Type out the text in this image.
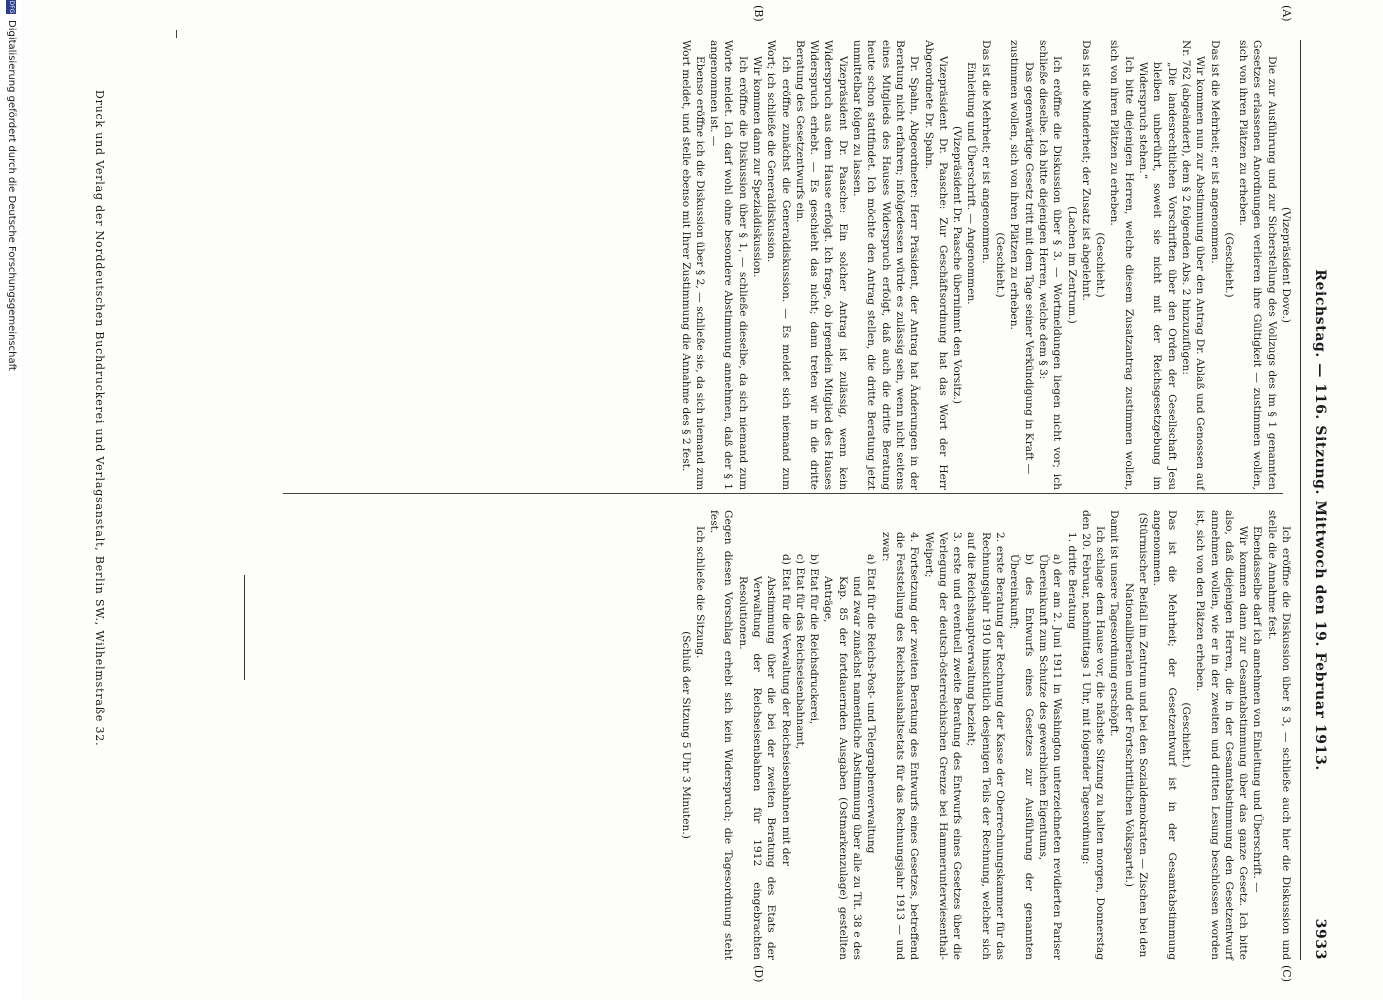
Reichstag. — 116. Sitzung. Mittwoch den 19. Februar 1913.
3933
(A)
(B)
(C)
(D)

(Vizepräsident Dove.)

Die zur Ausführung und zur Sicherstellung des Vollzugs des im § 1 genannten Gesetzes erlassenen Anordnungen verlieren ihre Gültigkeit — zustimmen wollen, sich von ihren Plätzen zu erheben.

(Geschieht.)

Das ist die Mehrheit; er ist angenommen.

Wir kommen nun zur Abstimmung über den Antrag Dr. Ablaß und Genossen auf Nr. 762 (abgeändert), dem § 2 folgenden Abs. 2 hinzuzufügen:

„Die landesrechtlichen Vorschriften über den Orden der Gesellschaft Jesu bleiben unberührt, soweit sie nicht mit der Reichsgesetzgebung im Widerspruch stehen.“

Ich bitte diejenigen Herren, welche diesem Zusatzantrag zustimmen wollen, sich von ihren Plätzen zu erheben.

(Geschieht.)

Das ist die Minderheit; der Zusatz ist abgelehnt.

(Lachen im Zentrum.)

Ich eröffne die Diskussion über § 3. — Wortmeldungen liegen nicht vor; ich schließe dieselbe. Ich bitte diejenigen Herren, welche dem § 3:

Das gegenwärtige Gesetz tritt mit dem Tage seiner Verkündigung in Kraft —

zustimmen wollen, sich von ihren Plätzen zu erheben.

(Geschieht.)

Das ist die Mehrheit; er ist angenommen.

Einleitung und Überschrift. — Angenommen.

(Vizepräsident Dr. Paasche übernimmt den Vorsitz.)

Vizepräsident Dr. Paasche: Zur Geschäftsordnung hat das Wort der Herr Abgeordnete Dr. Spahn.

Dr. Spahn, Abgeordneter: Herr Präsident, der Antrag hat Änderungen in der Beratung nicht erfahren; infolgedessen würde es zulässig sein, wenn nicht seitens eines Mitglieds des Hauses Widerspruch erfolgt, daß auch die dritte Beratung heute schon stattfindet. Ich möchte den Antrag stellen, die dritte Beratung jetzt unmittelbar folgen zu lassen.

Vizepräsident Dr. Paasche: Ein solcher Antrag ist zulässig, wenn kein Widerspruch aus dem Hause erfolgt. Ich frage, ob irgendein Mitglied des Hauses Widerspruch erhebt. — Es geschieht das nicht; dann treten wir in die dritte Beratung des Gesetzentwurfs ein.

Ich eröffne zunächst die Generaldiskussion. — Es meldet sich niemand zum Wort; ich schließe die Generaldiskussion.

Wir kommen dann zur Spezialdiskussion.

Ich eröffne die Diskussion über § 1, — schließe dieselbe, da sich niemand zum Worte meldet. Ich darf wohl ohne besondere Abstimmung annehmen, daß der § 1 angenommen ist. —

Ebenso eröffne ich die Diskussion über § 2, — schließe sie, da sich niemand zum Wort meldet, und stelle ebenso mit Ihrer Zustimmung die Annahme des § 2 fest.

Ich eröffne die Diskussion über § 3, — schließe auch hier die Diskussion und stelle die Annahme fest.

Ebendasselbe darf ich annehmen von Einleitung und Überschrift. —

Wir kommen dann zur Gesamtabstimmung über das ganze Gesetz. Ich bitte also, daß diejenigen Herren, die in der Gesamtabstimmung den Gesetzentwurf annehmen wollen, wie er in der zweiten und dritten Lesung beschlossen worden ist, sich von den Plätzen erheben.

(Geschieht.)

Das ist die Mehrheit; der Gesetzentwurf ist in der Gesamtabstimmung angenommen.

(Stürmischer Beifall im Zentrum und bei den Sozialdemokraten — Zischen bei den Nationalliberalen und der Fortschrittlichen Volkspartei.)

Damit ist unsere Tagesordnung erschöpft.

Ich schlage dem Hause vor, die nächste Sitzung zu halten morgen, Donnerstag den 20. Februar, nachmittags 1 Uhr, mit folgender Tagesordnung:

1. dritte Beratung

a) der am 2. Juni 1911 in Washington unterzeichneten revidierten Pariser Übereinkunft zum Schutze des gewerblichen Eigentums,

b) des Entwurfs eines Gesetzes zur Ausführung der genannten Übereinkunft;

2. erste Beratung der Rechnung der Kasse der Oberrechnungskammer für das Rechnungsjahr 1910 hinsichtlich desjenigen Teils der Rechnung, welcher sich auf die Reichshauptverwaltung bezieht;

3. erste und eventuell zweite Beratung des Entwurfs eines Gesetzes über die Verlegung der deutsch-österreichischen Grenze bei Hammerunterwiesenthal-Weipert;

4. Fortsetzung der zweiten Beratung des Entwurfs eines Gesetzes, betreffend die Feststellung des Reichshaushaltsetats für das Rechnungsjahr 1913 — und zwar:

a) Etat für die Reichs-Post- und Telegraphenverwaltung

und zwar zunächst namentliche Abstimmung über alle zu Tit. 38 e des Kap. 85 der fortdauernden Ausgaben (Ostmarkenzulage) gestellten Anträge,

b) Etat für die Reichsdruckerei,

c) Etat für das Reichseisenbahnamt,

d) Etat für die Verwaltung der Reichseisenbahnen mit der

Abstimmung über die bei der zweiten Beratung des Etats der Verwaltung der Reichseisenbahnen für 1912 eingebrachten Resolutionen.

Gegen diesen Vorschlag erhebt sich kein Widerspruch; die Tagesordnung steht fest.

Ich schließe die Sitzung.

(Schluß der Sitzung 5 Uhr 3 Minuten.)

Druck und Verlag der Norddeutschen Buchdruckerei und Verlagsanstalt, Berlin SW., Wilhelmstraße 32.
DFG
Digitalisierung gefördert durch die Deutsche Forschungsgemeinschaft
